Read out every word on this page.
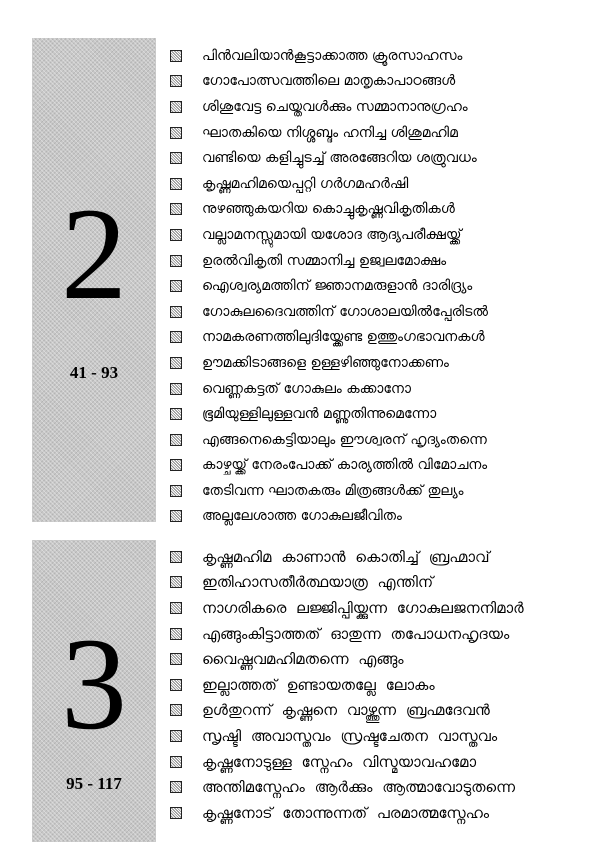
2
41 - 93
പിൻവലിയാൻകൂട്ടാക്കാത്ത ക്രൂരസാഹസം
ഗോപോത്സവത്തിലെ മാതൃകാപാഠങ്ങൾ
ശിശുവേട്ട ചെയ്തവൾക്കും സമ്മാനാനുഗ്രഹം
ഘാതകിയെ നിശ്ശബ്ദം ഹനിച്ച ശിശുമഹിമ
വണ്ടിയെ കളിച്ചുടച്ച് അരങ്ങേറിയ ശത്രുവധം
കൃഷ്ണമഹിമയെപ്പറ്റി ഗർഗമഹർഷി
നുഴഞ്ഞുകയറിയ കൊച്ചുകൃഷ്ണവികൃതികൾ
വല്ലാമനസ്സുമായി യശോദ ആദ്യപരീക്ഷയ്ക്ക്
ഉരൽവികൃതി സമ്മാനിച്ച ഉജ്വലമോക്ഷം
ഐശ്വര്യമത്തിന് ജ്ഞാനമരുളാൻ ദാരിദ്ര്യം
ഗോകുലദൈവത്തിന് ഗോശാലയിൽപ്പേരിടൽ
നാമകരണത്തിലുദിയ്ക്കേണ്ട ഉത്തുംഗഭാവനകൾ
ഊമക്കിടാങ്ങളെ ഉള്ളഴിഞ്ഞുനോക്കണം
വെണ്ണകട്ടത് ഗോകുലം കക്കാനോ
ഭൂമിയുള്ളിലുള്ളവൻ മണ്ണുതിന്നുമെന്നോ
എങ്ങനെകെട്ടിയാലും ഈശ്വരന് ഹൃദ്യംതന്നെ
കാഴ്ചയ്ക്ക് നേരംപോക്ക് കാര്യത്തിൽ വിമോചനം
തേടിവന്ന ഘാതകരും മിത്രങ്ങൾക്ക് തുല്യം
അല്ലലേശാത്ത ഗോകുലജീവിതം
3
95 - 117
കൃഷ്ണമഹിമ കാണാൻ കൊതിച്ച് ബ്രഹ്മാവ്
ഇതിഹാസതീർത്ഥയാത്ര എന്തിന്
നാഗരികരെ ലജ്ജിപ്പിയ്ക്കുന്ന ഗോകുലജനനിമാർ
എങ്ങുംകിട്ടാത്തത് ഓതുന്ന തപോധനഹൃദയം
വൈഷ്ണവമഹിമതന്നെ എങ്ങും
ഇല്ലാത്തത് ഉണ്ടായതല്ലേ ലോകം
ഉൾതുറന്ന് കൃഷ്ണനെ വാഴ്ത്തുന്ന ബ്രഹ്മദേവൻ
സൃഷ്ടി അവാസ്തവം സ്രഷ്ടചേതന വാസ്തവം
കൃഷ്ണനോടുള്ള സ്നേഹം വിസ്മയാവഹമോ
അന്തിമസ്നേഹം ആർക്കും ആത്മാവോടുതന്നെ
കൃഷ്ണനോട് തോന്നുന്നത് പരമാത്മസ്നേഹം
